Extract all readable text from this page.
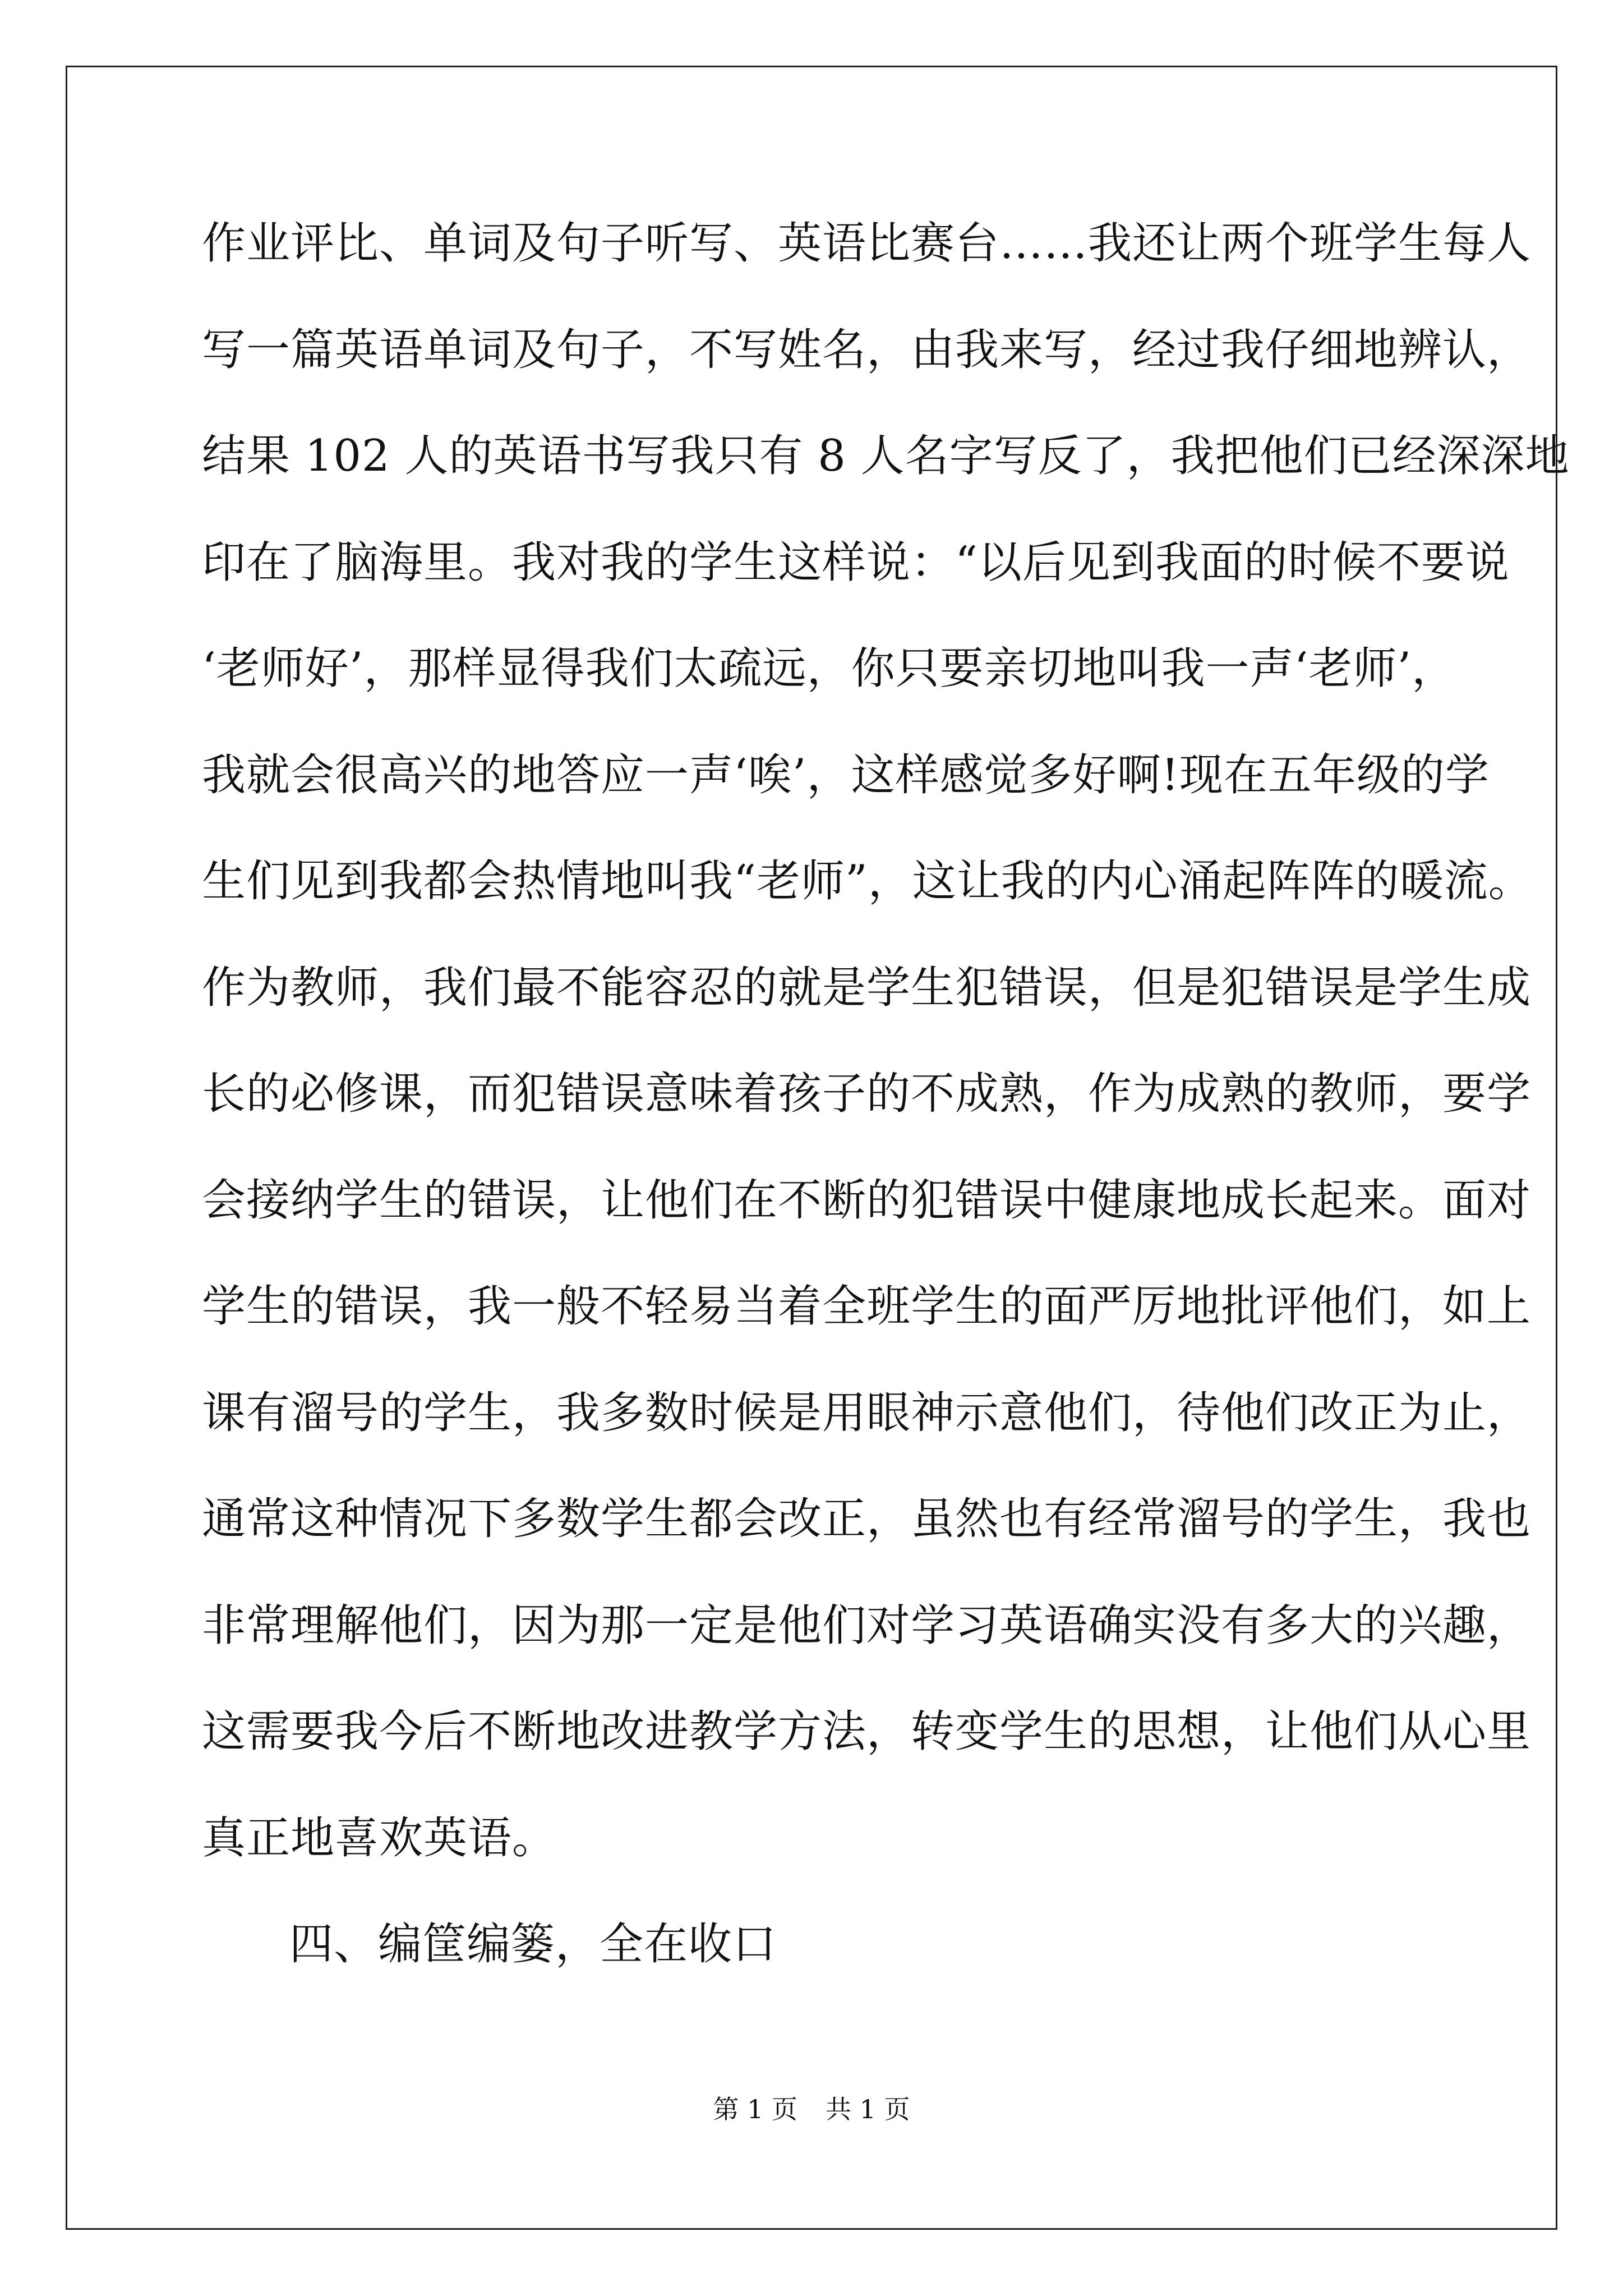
作业评比、单词及句子听写、英语比赛台……我还让两个班学生每人
写一篇英语单词及句子，不写姓名，由我来写，经过我仔细地辨认，
结果 102 人的英语书写我只有 8 人名字写反了，我把他们已经深深地
印在了脑海里。我对我的学生这样说：“以后见到我面的时候不要说
‘老师好’，那样显得我们太疏远，你只要亲切地叫我一声‘老师’，
我就会很高兴的地答应一声‘唉’，这样感觉多好啊!现在五年级的学
生们见到我都会热情地叫我“老师”，这让我的内心涌起阵阵的暖流。
作为教师，我们最不能容忍的就是学生犯错误，但是犯错误是学生成
长的必修课，而犯错误意味着孩子的不成熟，作为成熟的教师，要学
会接纳学生的错误，让他们在不断的犯错误中健康地成长起来。面对
学生的错误，我一般不轻易当着全班学生的面严厉地批评他们，如上
课有溜号的学生，我多数时候是用眼神示意他们，待他们改正为止，
通常这种情况下多数学生都会改正，虽然也有经常溜号的学生，我也
非常理解他们，因为那一定是他们对学习英语确实没有多大的兴趣，
这需要我今后不断地改进教学方法，转变学生的思想，让他们从心里
真正地喜欢英语。
四、编筐编篓，全在收口
第 1 页 共 1 页
